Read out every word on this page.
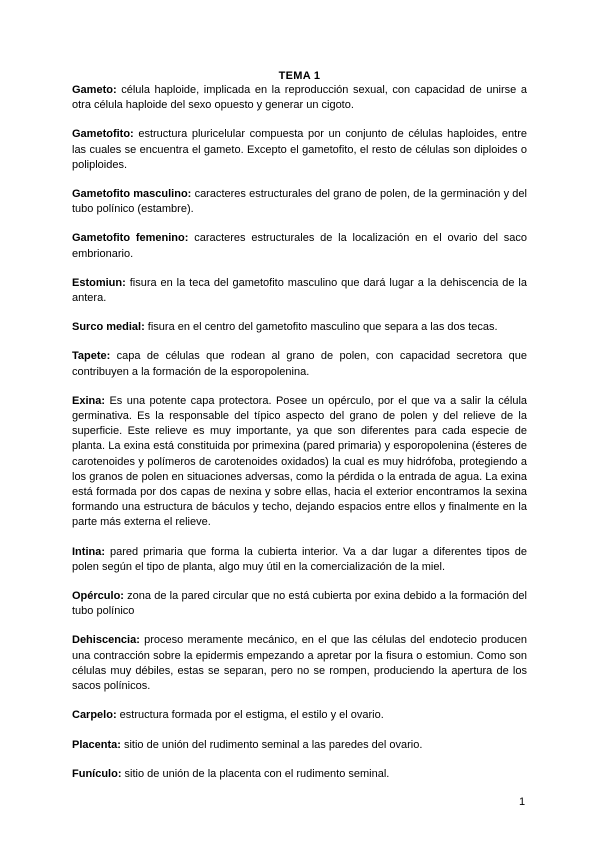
TEMA 1

Gameto: célula haploide, implicada en la reproducción sexual, con capacidad de unirse a otra célula haploide del sexo opuesto y generar un cigoto.

Gametofito: estructura pluricelular compuesta por un conjunto de células haploides, entre las cuales se encuentra el gameto. Excepto el gametofito, el resto de células son diploides o poliploides.

Gametofito masculino: caracteres estructurales del grano de polen, de la germinación y del tubo polínico (estambre).

Gametofito femenino: caracteres estructurales de la localización en el ovario del saco embrionario.

Estomiun: fisura en la teca del gametofito masculino que dará lugar a la dehiscencia de la antera.

Surco medial: fisura en el centro del gametofito masculino que separa a las dos tecas.

Tapete: capa de células que rodean al grano de polen, con capacidad secretora que contribuyen a la formación de la esporopolenina.

Exina: Es una potente capa protectora. Posee un opérculo, por el que va a salir la célula germinativa. Es la responsable del típico aspecto del grano de polen y del relieve de la superficie. Este relieve es muy importante, ya que son diferentes para cada especie de planta. La exina está constituida por primexina (pared primaria) y esporopolenina (ésteres de carotenoides y polímeros de carotenoides oxidados) la cual es muy hidrófoba, protegiendo a los granos de polen en situaciones adversas, como la pérdida o la entrada de agua. La exina está formada por dos capas de nexina y sobre ellas, hacia el exterior encontramos la sexina formando una estructura de báculos y techo, dejando espacios entre ellos y finalmente en la parte más externa el relieve.

Intina: pared primaria que forma la cubierta interior. Va a dar lugar a diferentes tipos de polen según el tipo de planta, algo muy útil en la comercialización de la miel.

Opérculo: zona de la pared circular que no está cubierta por exina debido a la formación del tubo polínico

Dehiscencia: proceso meramente mecánico, en el que las células del endotecio producen una contracción sobre la epidermis empezando a apretar por la fisura o estomiun. Como son células muy débiles, estas se separan, pero no se rompen, produciendo la apertura de los sacos polínicos.

Carpelo: estructura formada por el estigma, el estilo y el ovario.

Placenta: sitio de unión del rudimento seminal a las paredes del ovario.

Funículo: sitio de unión de la placenta con el rudimento seminal.

1
